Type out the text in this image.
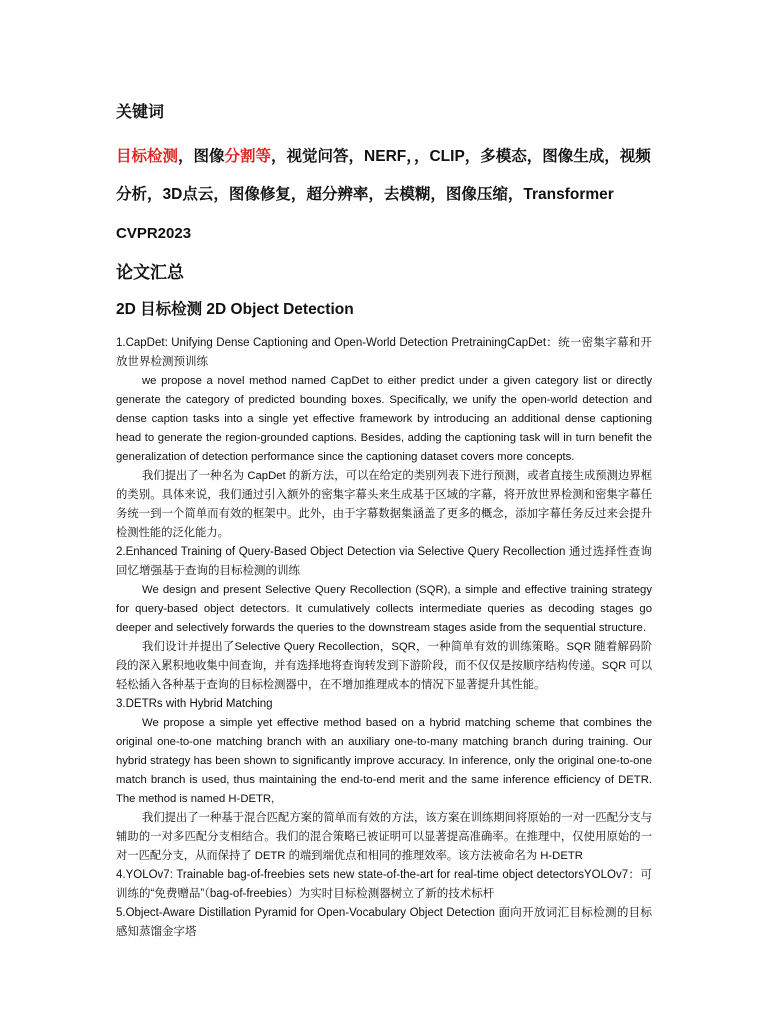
关键词
目标检测，图像分割等，视觉问答，NERF，，CLIP，多模态，图像生成，视频分析，3D点云，图像修复，超分辨率，去模糊，图像压缩，Transformer
CVPR2023
论文汇总
2D 目标检测 2D Object Detection

1.CapDet: Unifying Dense Captioning and Open-World Detection PretrainingCapDet：统一密集字幕和开放世界检测预训练

we propose a novel method named CapDet to either predict under a given category list or directly generate the category of predicted bounding boxes. Specifically, we unify the open-world detection and dense caption tasks into a single yet effective framework by introducing an additional dense captioning head to generate the region-grounded captions. Besides, adding the captioning task will in turn benefit the generalization of detection performance since the captioning dataset covers more concepts.

我们提出了一种名为 CapDet 的新方法，可以在给定的类别列表下进行预测，或者直接生成预测边界框的类别。具体来说，我们通过引入额外的密集字幕头来生成基于区域的字幕，将开放世界检测和密集字幕任务统一到一个简单而有效的框架中。此外，由于字幕数据集涵盖了更多的概念，添加字幕任务反过来会提升检测性能的泛化能力。

2.Enhanced Training of Query-Based Object Detection via Selective Query Recollection 通过选择性查询回忆增强基于查询的目标检测的训练

We design and present Selective Query Recollection (SQR), a simple and effective training strategy for query-based object detectors. It cumulatively collects intermediate queries as decoding stages go deeper and selectively forwards the queries to the downstream stages aside from the sequential structure.

我们设计并提出了Selective Query Recollection，SQR，一种简单有效的训练策略。SQR 随着解码阶段的深入累积地收集中间查询，并有选择地将查询转发到下游阶段，而不仅仅是按顺序结构传递。SQR 可以轻松插入各种基于查询的目标检测器中，在不增加推理成本的情况下显著提升其性能。

3.DETRs with Hybrid Matching

We propose a simple yet effective method based on a hybrid matching scheme that combines the original one-to-one matching branch with an auxiliary one-to-many matching branch during training. Our hybrid strategy has been shown to significantly improve accuracy. In inference, only the original one-to-one match branch is used, thus maintaining the end-to-end merit and the same inference efficiency of DETR. The method is named H-DETR,

我们提出了一种基于混合匹配方案的简单而有效的方法，该方案在训练期间将原始的一对一匹配分支与辅助的一对多匹配分支相结合。我们的混合策略已被证明可以显著提高准确率。在推理中，仅使用原始的一对一匹配分支，从而保持了 DETR 的端到端优点和相同的推理效率。该方法被命名为 H-DETR

4.YOLOv7: Trainable bag-of-freebies sets new state-of-the-art for real-time object detectorsYOLOv7：可训练的“免费赠品”（bag-of-freebies）为实时目标检测器树立了新的技术标杆

5.Object-Aware Distillation Pyramid for Open-Vocabulary Object Detection 面向开放词汇目标检测的目标感知蒸馏金字塔
